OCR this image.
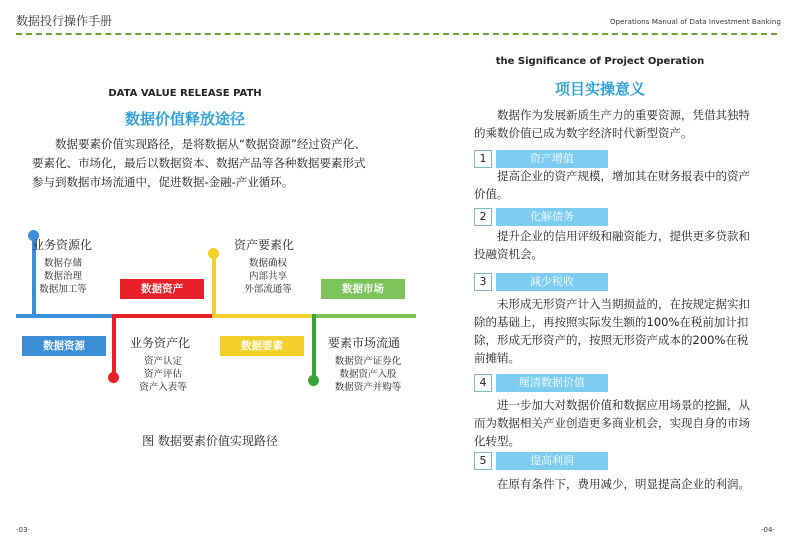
数据投行操作手册	Operations Manual of Data Investment Banking
DATA VALUE RELEASE PATH
数据价值释放途径
数据要素价值实现路径，是将数据从“数据资源”经过资产化、要素化、市场化，最后以数据资本、数据产品等各种数据要素形式参与到数据市场流通中，促进数据-金融-产业循环。
数据资源
数据资产
数据要素
数据市场
业务资源化
数据存储
数据治理
数据加工等
业务资产化
资产认定
资产评估
资产入表等
资产要素化
数据确权
内部共享
外部流通等
要素市场流通
数据资产证券化
数据资产入股
数据资产并购等
图 数据要素价值实现路径
-03-
the Significance of Project Operation
项目实操意义
数据作为发展新质生产力的重要资源，凭借其独特的乘数价值已成为数字经济时代新型资产。
1	资产增值
提高企业的资产规模，增加其在财务报表中的资产价值。
2	化解债务
提升企业的信用评级和融资能力，提供更多贷款和投融资机会。
3	减少税收
未形成无形资产计入当期损益的，在按规定据实扣除的基础上，再按照实际发生额的100%在税前加计扣除，形成无形资产的，按照无形资产成本的200%在税前摊销。
4	厘清数据价值
进一步加大对数据价值和数据应用场景的挖掘，从而为数据相关产业创造更多商业机会，实现自身的市场化转型。
5	提高利润
在原有条件下，费用减少，明显提高企业的利润。
-04-
